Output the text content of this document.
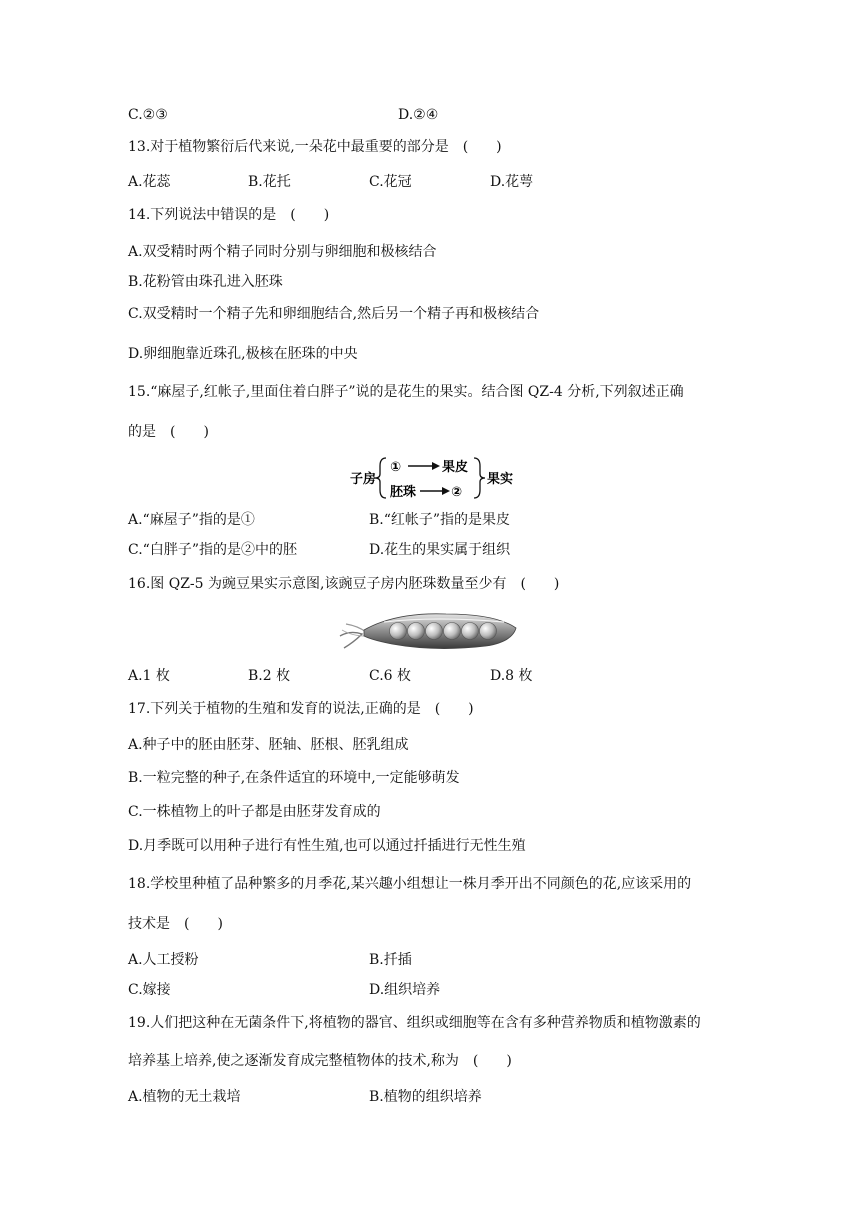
C.②③	D.②④
13.对于植物繁衍后代来说,一朵花中最重要的部分是　(　　)
A.花蕊	B.花托	C.花冠	D.花萼
14.下列说法中错误的是　(　　)
A.双受精时两个精子同时分别与卵细胞和极核结合
B.花粉管由珠孔进入胚珠
C.双受精时一个精子先和卵细胞结合,然后另一个精子再和极核结合
D.卵细胞靠近珠孔,极核在胚珠的中央
15.“麻屋子,红帐子,里面住着白胖子”说的是花生的果实。结合图 QZ-4 分析,下列叙述正确
的是　(　　)
子房
①	果皮
胚珠	②
果实
A.“麻屋子”指的是①	B.“红帐子”指的是果皮
C.“白胖子”指的是②中的胚	D.花生的果实属于组织
16.图 QZ-5 为豌豆果实示意图,该豌豆子房内胚珠数量至少有　(　　)
A.1 枚	B.2 枚	C.6 枚	D.8 枚
17.下列关于植物的生殖和发育的说法,正确的是　(　　)
A.种子中的胚由胚芽、胚轴、胚根、胚乳组成
B.一粒完整的种子,在条件适宜的环境中,一定能够萌发
C.一株植物上的叶子都是由胚芽发育成的
D.月季既可以用种子进行有性生殖,也可以通过扦插进行无性生殖
18.学校里种植了品种繁多的月季花,某兴趣小组想让一株月季开出不同颜色的花,应该采用的
技术是　(　　)
A.人工授粉	B.扦插
C.嫁接	D.组织培养
19.人们把这种在无菌条件下,将植物的器官、组织或细胞等在含有多种营养物质和植物激素的
培养基上培养,使之逐渐发育成完整植物体的技术,称为　(　　)
A.植物的无土栽培	B.植物的组织培养
